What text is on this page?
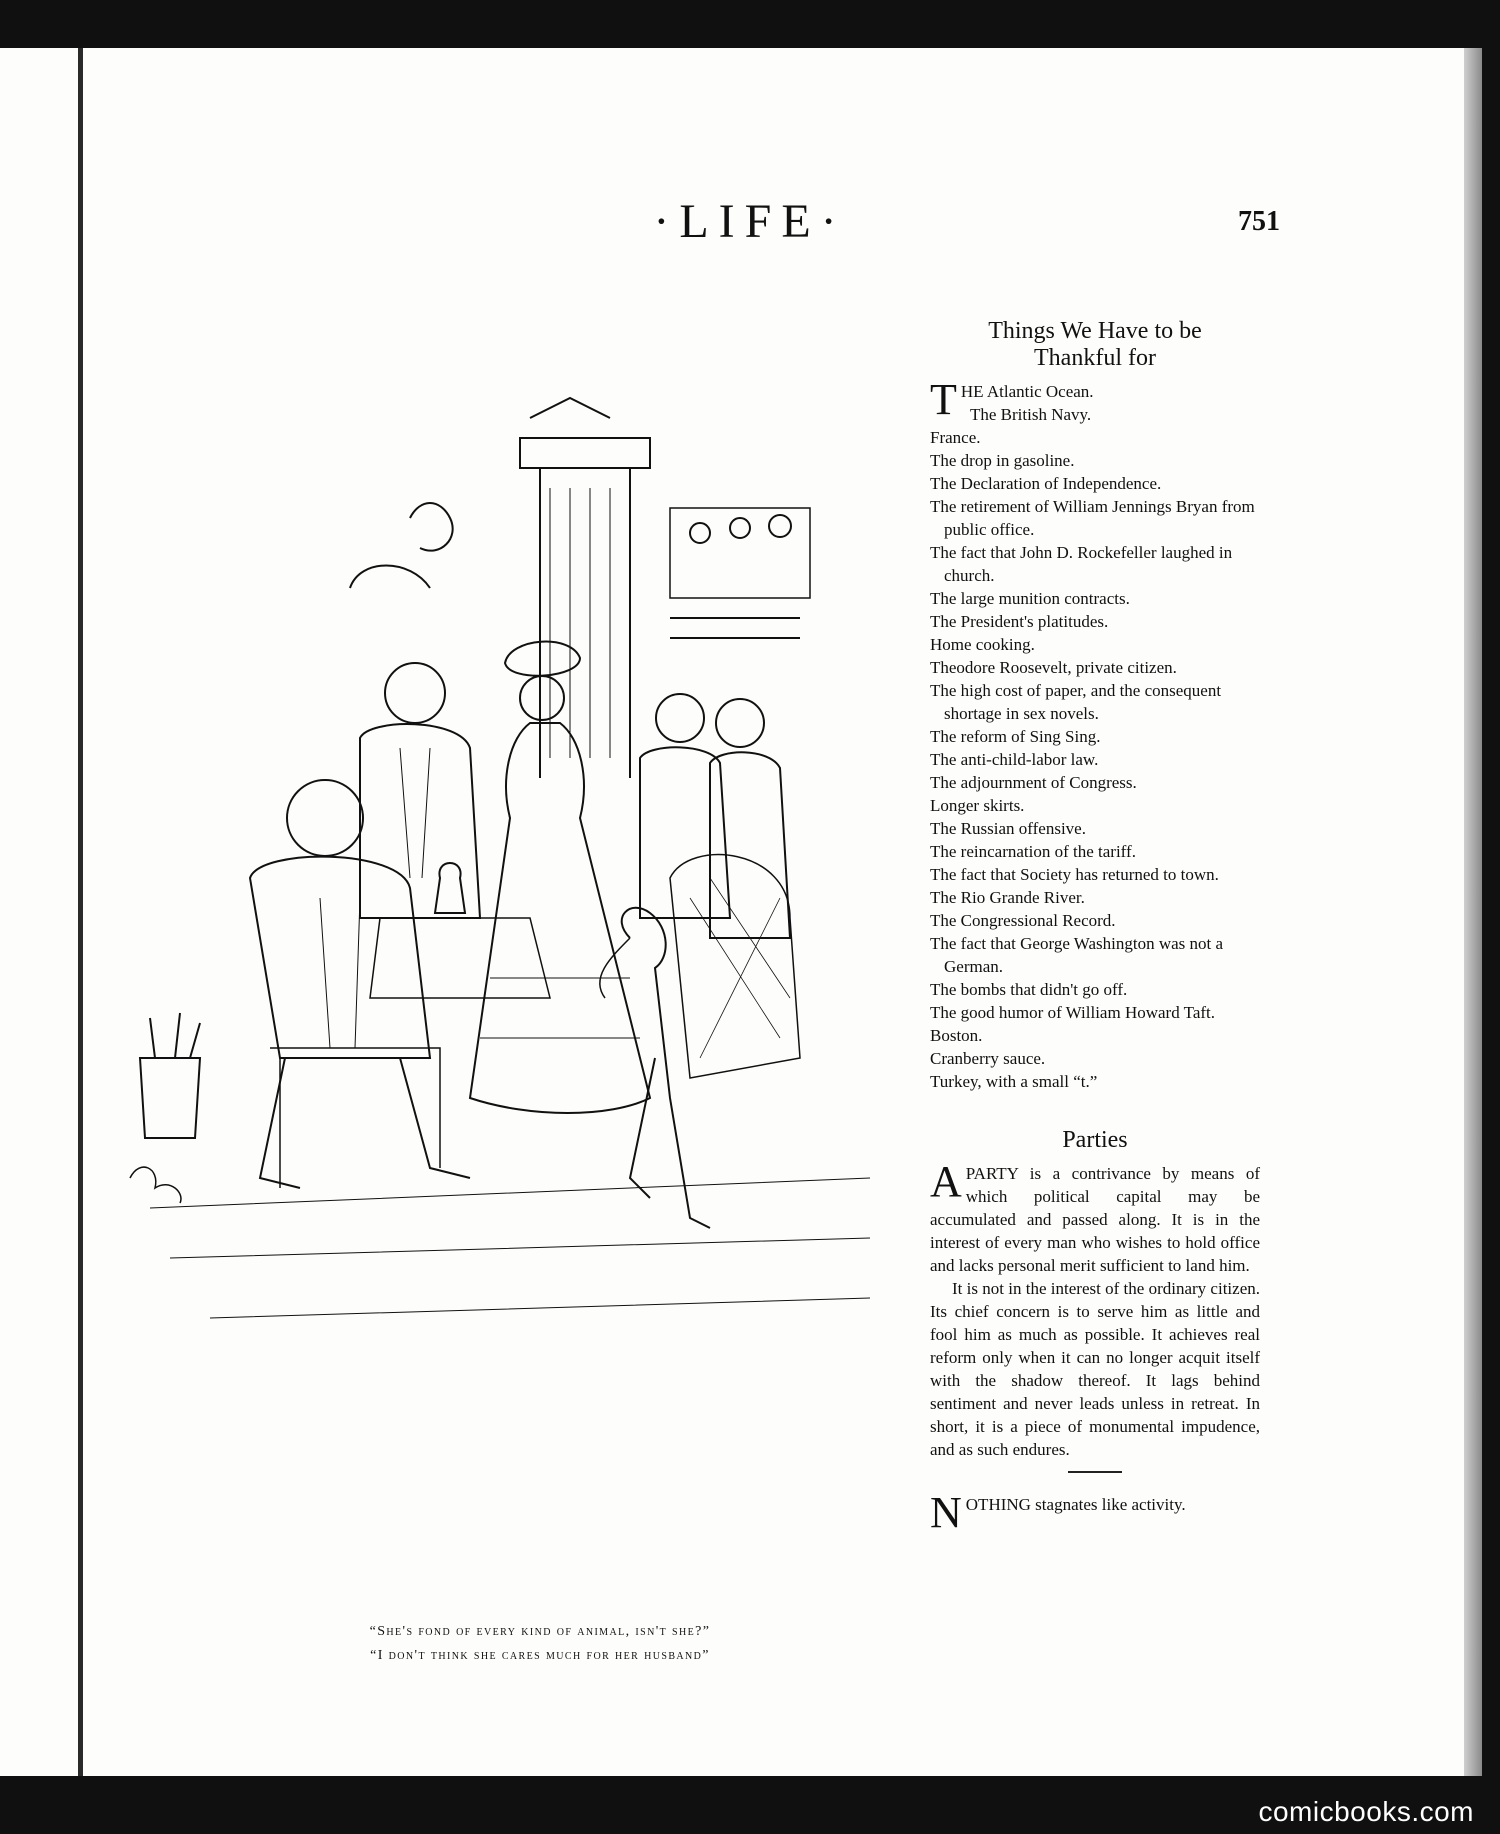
·LIFE·	751
“She's fond of every kind of animal, isn't she?”
“I don't think she cares much for her husband”
Things We Have to be
Thankful for
T HE Atlantic Ocean.
The British Navy.
France.
The drop in gasoline.
The Declaration of Independence.
The retirement of William Jennings Bryan from public office.
The fact that John D. Rockefeller laughed in church.
The large munition contracts.
The President's platitudes.
Home cooking.
Theodore Roosevelt, private citizen.
The high cost of paper, and the consequent shortage in sex novels.
The reform of Sing Sing.
The anti-child-labor law.
The adjournment of Congress.
Longer skirts.
The Russian offensive.
The reincarnation of the tariff.
The fact that Society has returned to town.
The Rio Grande River.
The Congressional Record.
The fact that George Washington was not a German.
The bombs that didn't go off.
The good humor of William Howard Taft.
Boston.
Cranberry sauce.
Turkey, with a small “t.”
Parties

A PARTY is a contrivance by means of which political capital may be accumulated and passed along. It is in the interest of every man who wishes to hold office and lacks personal merit sufficient to land him.

It is not in the interest of the ordinary citizen. Its chief concern is to serve him as little and fool him as much as possible. It achieves real reform only when it can no longer acquit itself with the shadow thereof. It lags behind sentiment and never leads unless in retreat. In short, it is a piece of monumental impudence, and as such endures.

N OTHING stagnates like activity.
comicbooks.com
